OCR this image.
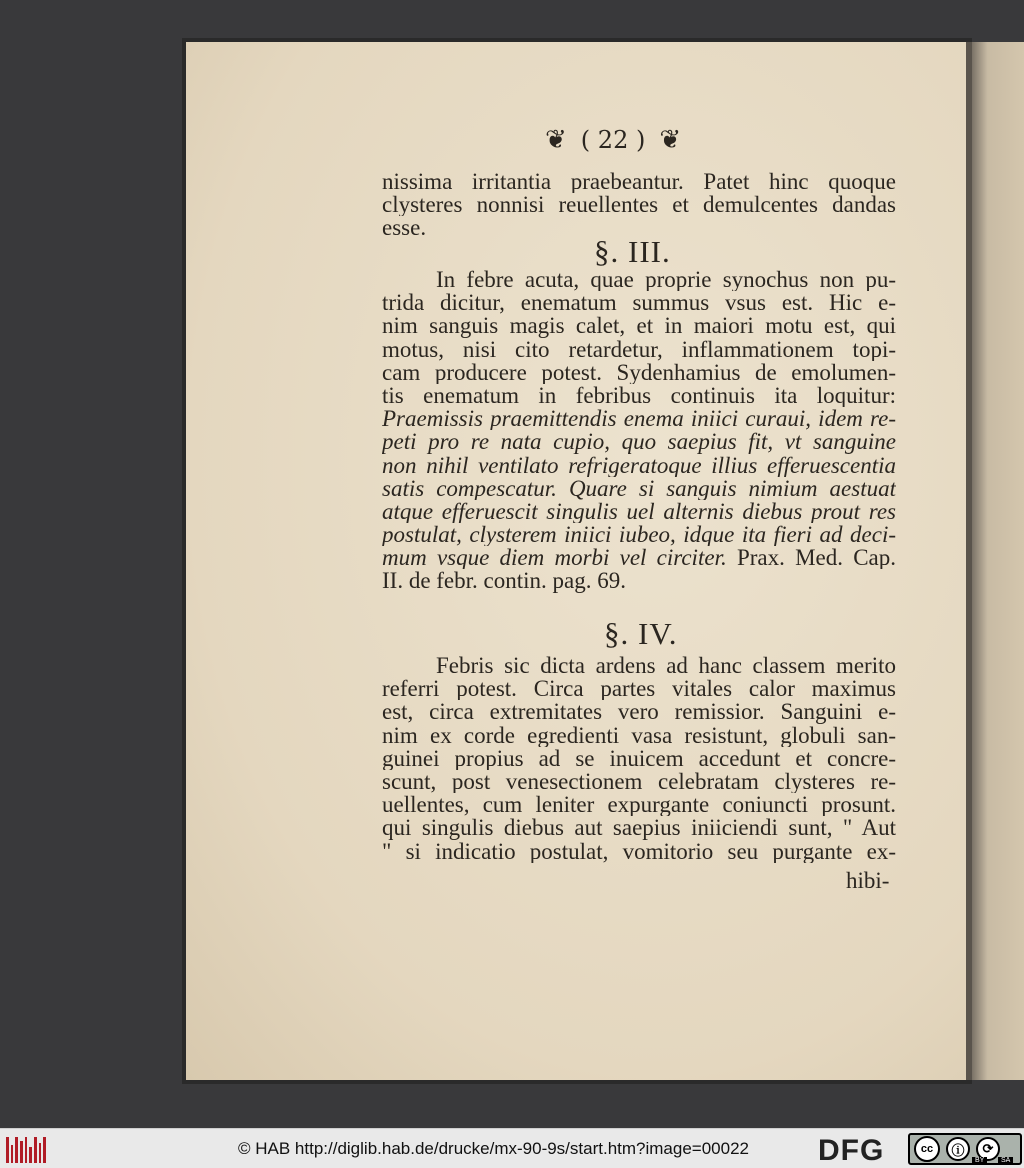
❦ ( 22 ) ❦
nissima irritantia praebeantur. Patet hinc quoque
clysteres nonnisi reuellentes et demulcentes dandas
esse.
§. III.
In febre acuta, quae proprie synochus non pu-
trida dicitur, enematum summus vsus est. Hic e-
nim sanguis magis calet, et in maiori motu est, qui
motus, nisi cito retardetur, inflammationem topi-
cam producere potest. Sydenhamius de emolumen-
tis enematum in febribus continuis ita loquitur:
Praemissis praemittendis enema iniici curaui, idem re-
peti pro re nata cupio, quo saepius fit, vt sanguine
non nihil ventilato refrigeratoque illius efferuescentia
satis compescatur. Quare si sanguis nimium aestuat
atque efferuescit singulis uel alternis diebus prout res
postulat, clysterem iniici iubeo, idque ita fieri ad deci-
mum vsque diem morbi vel circiter. Prax. Med. Cap.
II. de febr. contin. pag. 69.
§. IV.
Febris sic dicta ardens ad hanc classem merito
referri potest. Circa partes vitales calor maximus
est, circa extremitates vero remissior. Sanguini e-
nim ex corde egredienti vasa resistunt, globuli san-
guinei propius ad se inuicem accedunt et concre-
scunt, post venesectionem celebratam clysteres re-
uellentes, cum leniter expurgante coniuncti prosunt.
qui singulis diebus aut saepius iniiciendi sunt, " Aut
" si indicatio postulat, vomitorio seu purgante ex-
hibi-
© HAB http://diglib.hab.de/drucke/mx-90-9s/start.htm?image=00022 DFG	cc	ⓘ	⟳
BY	SA
